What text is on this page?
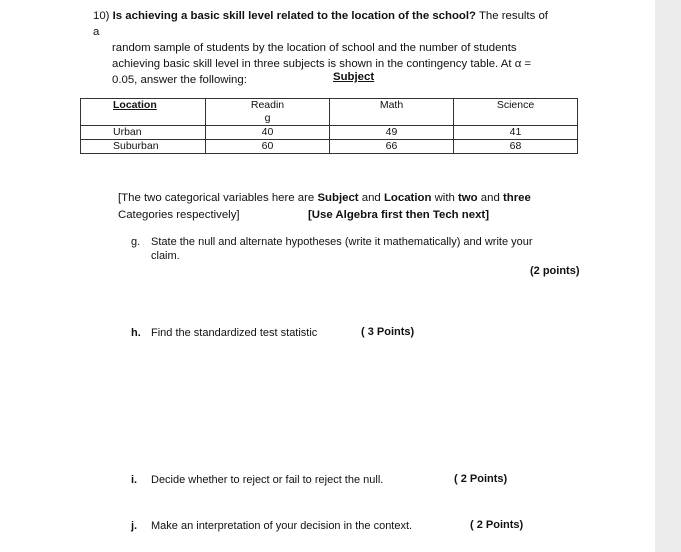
10) Is achieving a basic skill level related to the location of the school? The results of a
random sample of students by the location of school and the number of students
achieving basic skill level in three subjects is shown in the contingency table. At α =
0.05, answer the following:	Subject
Location	Reading	Math	Science
Urban	40	49	41
Suburban	60	66	68
[The two categorical variables here are Subject and Location with two and three
Categories respectively]	[Use Algebra first then Tech next]
g. State the null and alternate hypotheses (write it mathematically) and write your
claim.
(2 points)
h. Find the standardized test statistic	( 3 Points)
i. Decide whether to reject or fail to reject the null.	( 2 Points)
j. Make an interpretation of your decision in the context.	( 2 Points)
